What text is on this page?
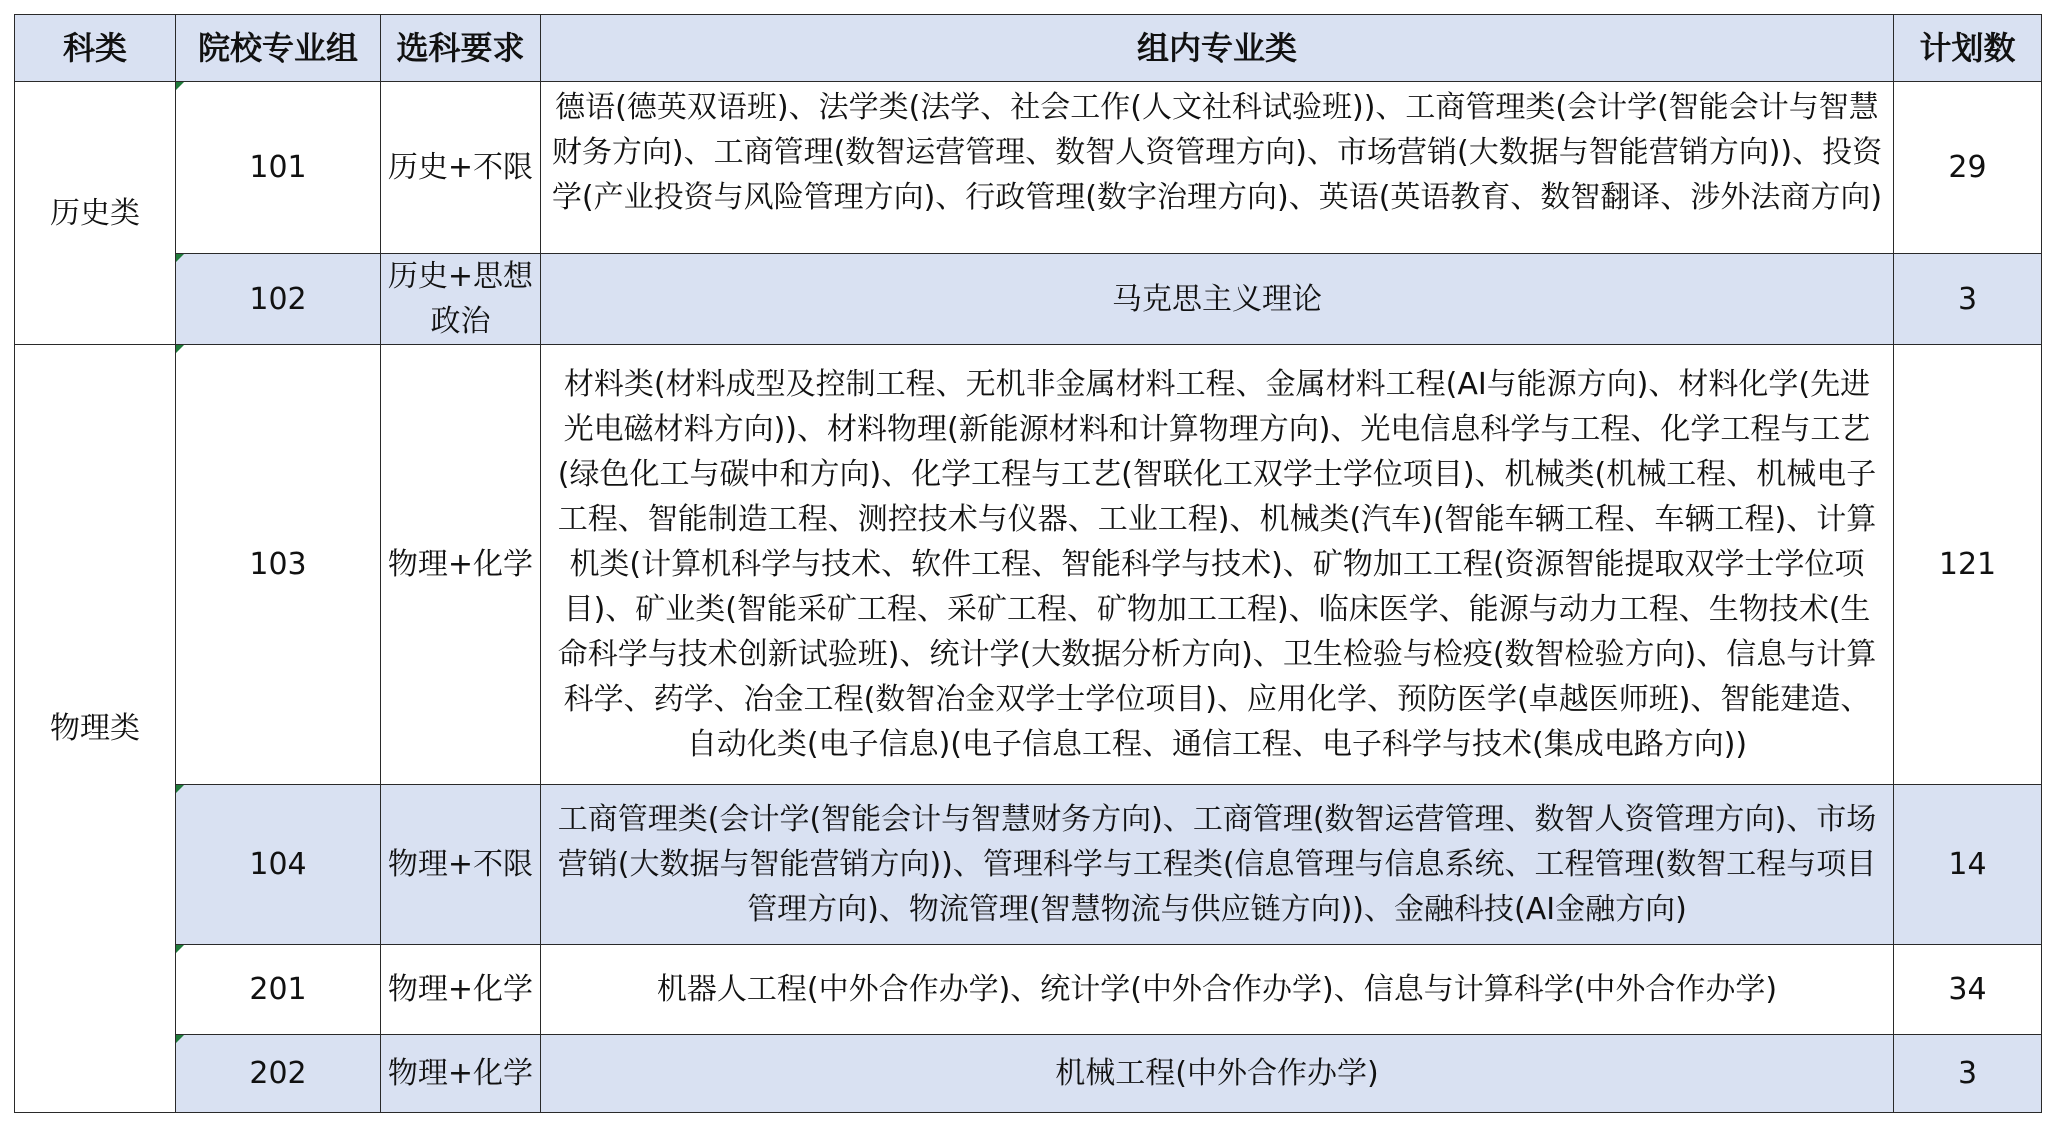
科类	院校专业组	选科要求	组内专业类	计划数
历史类	101	历史+不限	德语(德英双语班)、法学类(法学、社会工作(人文社科试验班))、工商管理类(会计学(智能会计与智慧财务方向)、工商管理(数智运营管理、数智人资管理方向)、市场营销(大数据与智能营销方向))、投资学(产业投资与风险管理方向)、行政管理(数字治理方向)、英语(英语教育、数智翻译、涉外法商方向)	29
	102	历史+思想政治	马克思主义理论	3
物理类	103	物理+化学	材料类(材料成型及控制工程、无机非金属材料工程、金属材料工程(AI与能源方向)、材料化学(先进光电磁材料方向))、材料物理(新能源材料和计算物理方向)、光电信息科学与工程、化学工程与工艺(绿色化工与碳中和方向)、化学工程与工艺(智联化工双学士学位项目)、机械类(机械工程、机械电子工程、智能制造工程、测控技术与仪器、工业工程)、机械类(汽车)(智能车辆工程、车辆工程)、计算机类(计算机科学与技术、软件工程、智能科学与技术)、矿物加工工程(资源智能提取双学士学位项目)、矿业类(智能采矿工程、采矿工程、矿物加工工程)、临床医学、能源与动力工程、生物技术(生命科学与技术创新试验班)、统计学(大数据分析方向)、卫生检验与检疫(数智检验方向)、信息与计算科学、药学、冶金工程(数智冶金双学士学位项目)、应用化学、预防医学(卓越医师班)、智能建造、自动化类(电子信息)(电子信息工程、通信工程、电子科学与技术(集成电路方向))	121
	104	物理+不限	工商管理类(会计学(智能会计与智慧财务方向)、工商管理(数智运营管理、数智人资管理方向)、市场营销(大数据与智能营销方向))、管理科学与工程类(信息管理与信息系统、工程管理(数智工程与项目管理方向)、物流管理(智慧物流与供应链方向))、金融科技(AI金融方向)	14
	201	物理+化学	机器人工程(中外合作办学)、统计学(中外合作办学)、信息与计算科学(中外合作办学)	34
	202	物理+化学	机械工程(中外合作办学)	3
